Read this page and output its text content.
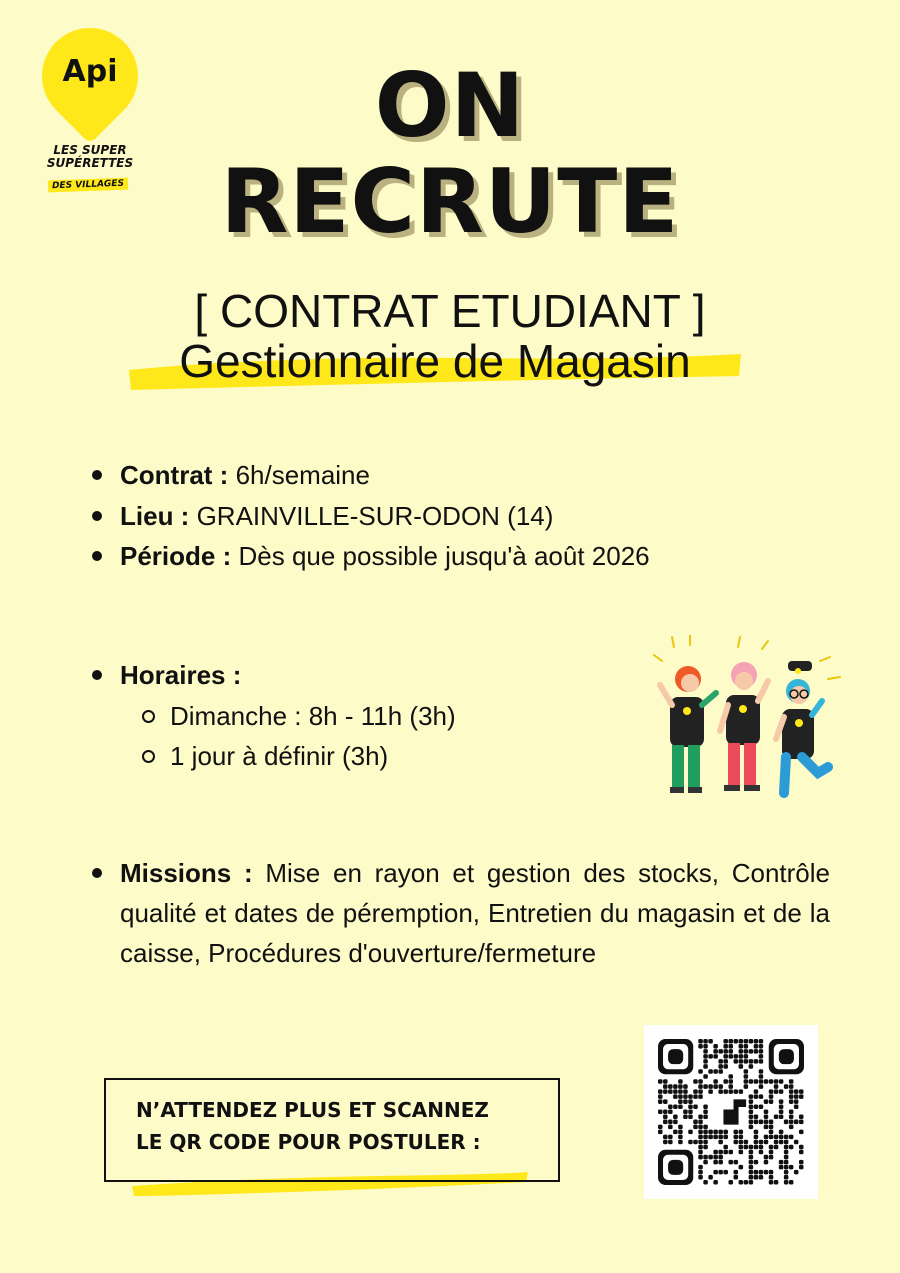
Api
LES SUPER
SUPÉRETTES
DES VILLAGES
ON
RECRUTE
[ CONTRAT ETUDIANT ]
Gestionnaire de Magasin
Contrat : 6h/semaine
Lieu : GRAINVILLE-SUR-ODON (14)
Période : Dès que possible jusqu'à août 2026
Horaires :
Dimanche : 8h - 11h (3h)
1 jour à définir (3h)
Missions : Mise en rayon et gestion des stocks, Contrôle qualité et dates de péremption, Entretien du magasin et de la caisse, Procédures d'ouverture/fermeture
N’ATTENDEZ PLUS ET SCANNEZ
LE QR CODE POUR POSTULER :
